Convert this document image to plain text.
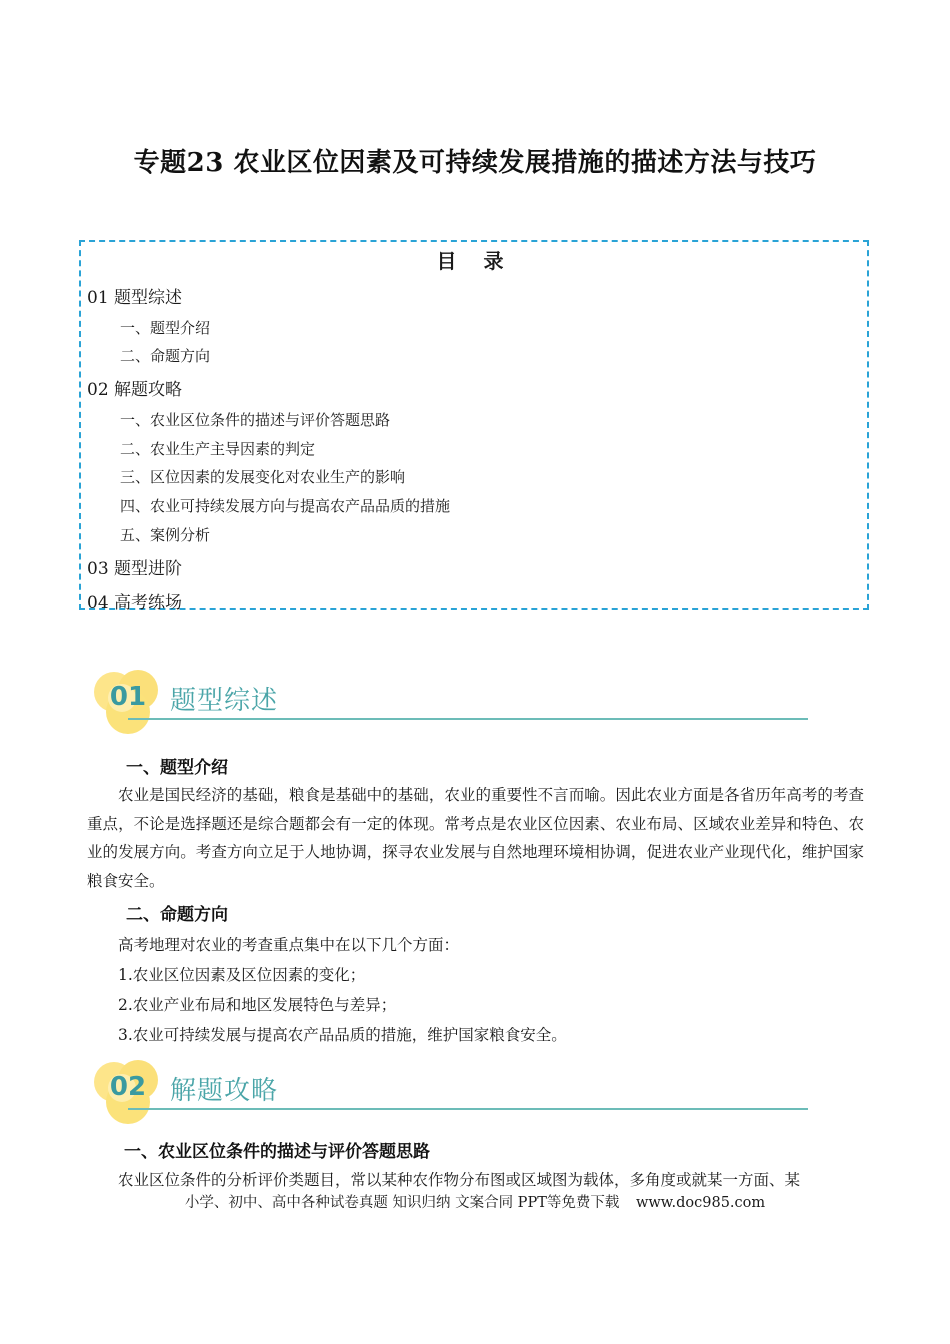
专题23 农业区位因素及可持续发展措施的描述方法与技巧
目 录
01 题型综述
一、题型介绍
二、命题方向
02 解题攻略
一、农业区位条件的描述与评价答题思路
二、农业生产主导因素的判定
三、区位因素的发展变化对农业生产的影响
四、农业可持续发展方向与提高农产品品质的措施
五、案例分析
03 题型进阶
04 高考练场
01 题型综述
一、题型介绍
农业是国民经济的基础，粮食是基础中的基础，农业的重要性不言而喻。因此农业方面是各省历年高考的考查重点，不论是选择题还是综合题都会有一定的体现。常考点是农业区位因素、农业布局、区域农业差异和特色、农业的发展方向。考查方向立足于人地协调，探寻农业发展与自然地理环境相协调，促进农业产业现代化，维护国家粮食安全。
二、命题方向
高考地理对农业的考查重点集中在以下几个方面：
1.农业区位因素及区位因素的变化；
2.农业产业布局和地区发展特色与差异；
3.农业可持续发展与提高农产品品质的措施，维护国家粮食安全。
02 解题攻略
一、农业区位条件的描述与评价答题思路
农业区位条件的分析评价类题目，常以某种农作物分布图或区域图为载体，多角度或就某一方面、某
小学、初中、高中各种试卷真题 知识归纳 文案合同 PPT等免费下载 www.doc985.com
